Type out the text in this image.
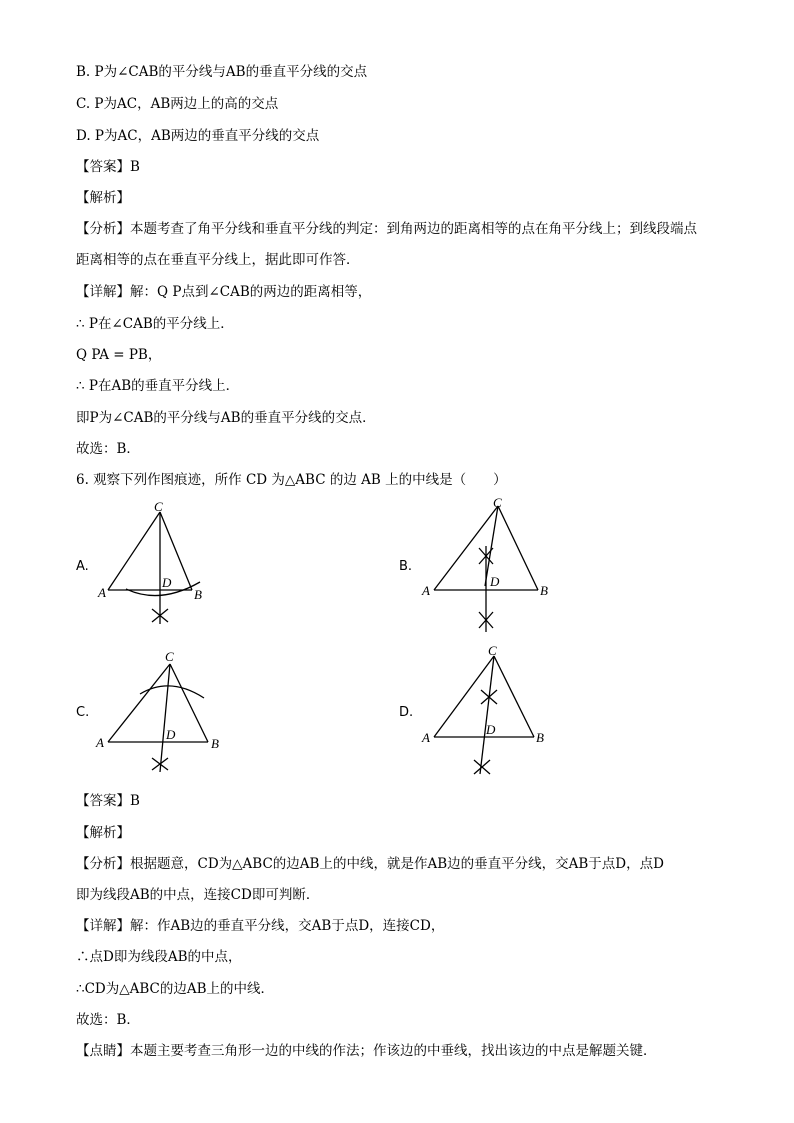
B. P为∠CAB的平分线与AB的垂直平分线的交点
C. P为AC，AB两边上的高的交点
D. P为AC，AB两边的垂直平分线的交点
【答案】B
【解析】
【分析】本题考查了角平分线和垂直平分线的判定：到角两边的距离相等的点在角平分线上；到线段端点
距离相等的点在垂直平分线上，据此即可作答．
【详解】解：Q P点到∠CAB的两边的距离相等，
∴ P在∠CAB的平分线上．
Q PA = PB，
∴ P在AB的垂直平分线上．
即P为∠CAB的平分线与AB的垂直平分线的交点．
故选：B．
6. 观察下列作图痕迹，所作 CD 为△ABC 的边 AB 上的中线是（　　）
A.
C
A	B
D
B.
C
A	B
D
C.
C
A	B
D
D.
C
A	B
D
【答案】B
【解析】
【分析】根据题意，CD为△ABC的边AB上的中线，就是作AB边的垂直平分线，交AB于点D，点D
即为线段AB的中点，连接CD即可判断．
【详解】解：作AB边的垂直平分线，交AB于点D，连接CD，
∴点D即为线段AB的中点，
∴CD为△ABC的边AB上的中线．
故选：B．
【点睛】本题主要考查三角形一边的中线的作法；作该边的中垂线，找出该边的中点是解题关键．
